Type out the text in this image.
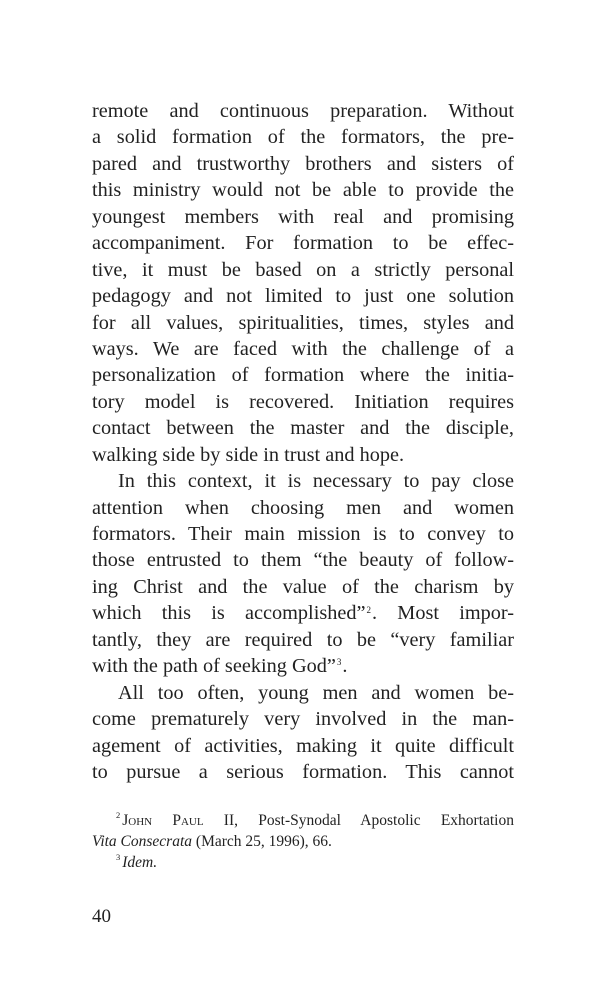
remote and continuous preparation. Without
a solid formation of the formators, the pre-
pared and trustworthy brothers and sisters of
this ministry would not be able to provide the
youngest members with real and promising
accompaniment. For formation to be effec-
tive, it must be based on a strictly personal
pedagogy and not limited to just one solution
for all values, spiritualities, times, styles and
ways. We are faced with the challenge of a
personalization of formation where the initia-
tory model is recovered. Initiation requires
contact between the master and the disciple,
walking side by side in trust and hope.
In this context, it is necessary to pay close
attention when choosing men and women
formators. Their main mission is to convey to
those entrusted to them “the beauty of follow-
ing Christ and the value of the charism by
which this is accomplished”$^2$. Most impor-
tantly, they are required to be “very familiar
with the path of seeking God”$^3$.
All too often, young men and women be-
come prematurely very involved in the man-
agement of activities, making it quite difficult
to pursue a serious formation. This cannot
$^2$ John Paul II, Post-Synodal Apostolic Exhortation
Vita Consecrata (March 25, 1996), 66.
$^3$ Idem.
40
